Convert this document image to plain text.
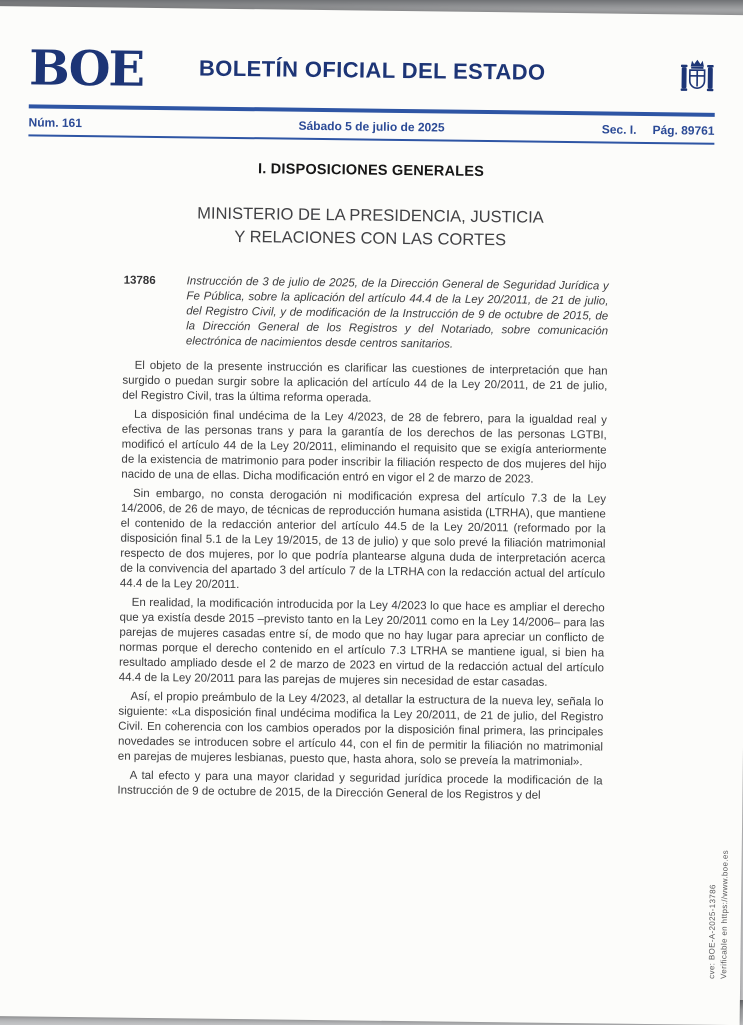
BOE	BOLETÍN OFICIAL DEL ESTADO
Núm. 161	Sábado 5 de julio de 2025	Sec. I. Pág. 89761
I. DISPOSICIONES GENERALES
MINISTERIO DE LA PRESIDENCIA, JUSTICIA
Y RELACIONES CON LAS CORTES
13786	Instrucción de 3 de julio de 2025, de la Dirección General de Seguridad Jurídica y Fe Pública, sobre la aplicación del artículo 44.4 de la Ley 20/2011, de 21 de julio, del Registro Civil, y de modificación de la Instrucción de 9 de octubre de 2015, de la Dirección General de los Registros y del Notariado, sobre comunicación electrónica de nacimientos desde centros sanitarios.

El objeto de la presente instrucción es clarificar las cuestiones de interpretación que han surgido o puedan surgir sobre la aplicación del artículo 44 de la Ley 20/2011, de 21 de julio, del Registro Civil, tras la última reforma operada.

La disposición final undécima de la Ley 4/2023, de 28 de febrero, para la igualdad real y efectiva de las personas trans y para la garantía de los derechos de las personas LGTBI, modificó el artículo 44 de la Ley 20/2011, eliminando el requisito que se exigía anteriormente de la existencia de matrimonio para poder inscribir la filiación respecto de dos mujeres del hijo nacido de una de ellas. Dicha modificación entró en vigor el 2 de marzo de 2023.

Sin embargo, no consta derogación ni modificación expresa del artículo 7.3 de la Ley 14/2006, de 26 de mayo, de técnicas de reproducción humana asistida (LTRHA), que mantiene el contenido de la redacción anterior del artículo 44.5 de la Ley 20/2011 (reformado por la disposición final 5.1 de la Ley 19/2015, de 13 de julio) y que solo prevé la filiación matrimonial respecto de dos mujeres, por lo que podría plantearse alguna duda de interpretación acerca de la convivencia del apartado 3 del artículo 7 de la LTRHA con la redacción actual del artículo 44.4 de la Ley 20/2011.

En realidad, la modificación introducida por la Ley 4/2023 lo que hace es ampliar el derecho que ya existía desde 2015 –previsto tanto en la Ley 20/2011 como en la Ley 14/2006– para las parejas de mujeres casadas entre sí, de modo que no hay lugar para apreciar un conflicto de normas porque el derecho contenido en el artículo 7.3 LTRHA se mantiene igual, si bien ha resultado ampliado desde el 2 de marzo de 2023 en virtud de la redacción actual del artículo 44.4 de la Ley 20/2011 para las parejas de mujeres sin necesidad de estar casadas.

Así, el propio preámbulo de la Ley 4/2023, al detallar la estructura de la nueva ley, señala lo siguiente: «La disposición final undécima modifica la Ley 20/2011, de 21 de julio, del Registro Civil. En coherencia con los cambios operados por la disposición final primera, las principales novedades se introducen sobre el artículo 44, con el fin de permitir la filiación no matrimonial en parejas de mujeres lesbianas, puesto que, hasta ahora, solo se preveía la matrimonial».

A tal efecto y para una mayor claridad y seguridad jurídica procede la modificación de la Instrucción de 9 de octubre de 2015, de la Dirección General de los Registros y del

cve: BOE-A-2025-13786 Verificable en https://www.boe.es
